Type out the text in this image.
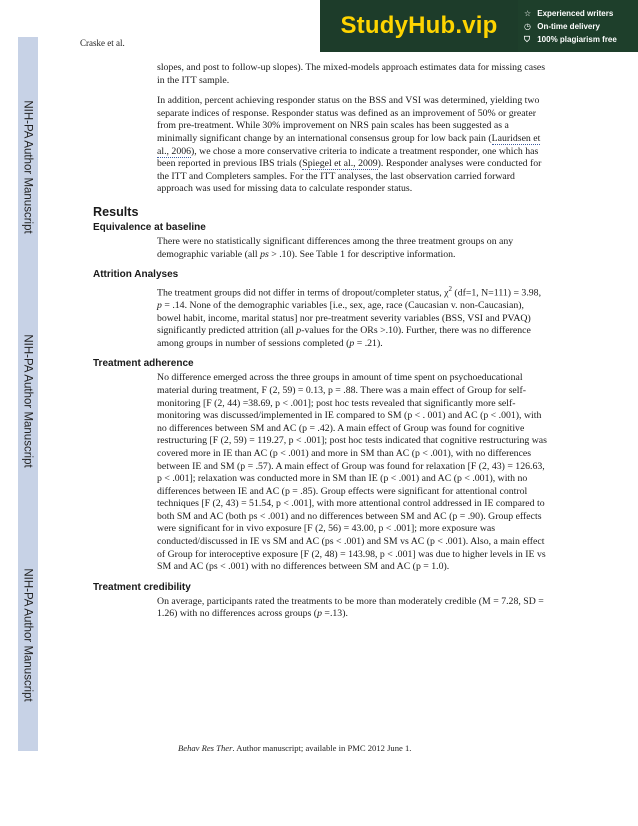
Craske et al.
StudyHub.vip	☆ Experienced writers
◷ On-time delivery
⛉ 100% plagiarism free
NIH-PA Author Manuscript
NIH-PA Author Manuscript
NIH-PA Author Manuscript

slopes, and post to follow-up slopes). The mixed-models approach estimates data for missing cases in the ITT sample.

In addition, percent achieving responder status on the BSS and VSI was determined, yielding two separate indices of response. Responder status was defined as an improvement of 50% or greater from pre-treatment. While 30% improvement on NRS pain scales has been suggested as a minimally significant change by an international consensus group for low back pain (Lauridsen et al., 2006), we chose a more conservative criteria to indicate a treatment responder, one which has been reported in previous IBS trials (Spiegel et al., 2009). Responder analyses were conducted for the ITT and Completers samples. For the ITT analyses, the last observation carried forward approach was used for missing data to calculate responder status.

Results
Equivalence at baseline

There were no statistically significant differences among the three treatment groups on any demographic variable (all ps > .10). See Table 1 for descriptive information.

Attrition Analyses

The treatment groups did not differ in terms of dropout/completer status, $\chi^2$ (df=1, N=111) = 3.98, p = .14. None of the demographic variables [i.e., sex, age, race (Caucasian v. non-Caucasian), bowel habit, income, marital status] nor pre-treatment severity variables (BSS, VSI and PVAQ) significantly predicted attrition (all p-values for the ORs >.10). Further, there was no difference among groups in number of sessions completed (p = .21).

Treatment adherence

No difference emerged across the three groups in amount of time spent on psychoeducational material during treatment, F (2, 59) = 0.13, p = .88. There was a main effect of Group for self-monitoring [F (2, 44) =38.69, p < .001]; post hoc tests revealed that significantly more self-monitoring was discussed/implemented in IE compared to SM (p < . 001) and AC (p < .001), with no differences between SM and AC (p = .42). A main effect of Group was found for cognitive restructuring [F (2, 59) = 119.27, p < .001]; post hoc tests indicated that cognitive restructuring was covered more in IE than AC (p < .001) and more in SM than AC (p < .001), with no differences between IE and SM (p = .57). A main effect of Group was found for relaxation [F (2, 43) = 126.63, p < .001]; relaxation was conducted more in SM than IE (p < .001) and AC (p < .001), with no differences between IE and AC (p = .85). Group effects were significant for attentional control techniques [F (2, 43) = 51.54, p < .001], with more attentional control addressed in IE compared to both SM and AC (both ps < .001) and no differences between SM and AC (p = .90). Group effects were significant for in vivo exposure [F (2, 56) = 43.00, p < .001]; more exposure was conducted/discussed in IE vs SM and AC (ps < .001) and SM vs AC (p < .001). Also, a main effect of Group for interoceptive exposure [F (2, 48) = 143.98, p < .001] was due to higher levels in IE vs SM and AC (ps < .001) with no differences between SM and AC (p = 1.0).

Treatment credibility

On average, participants rated the treatments to be more than moderately credible (M = 7.28, SD = 1.26) with no differences across groups (p =.13).

Behav Res Ther. Author manuscript; available in PMC 2012 June 1.
